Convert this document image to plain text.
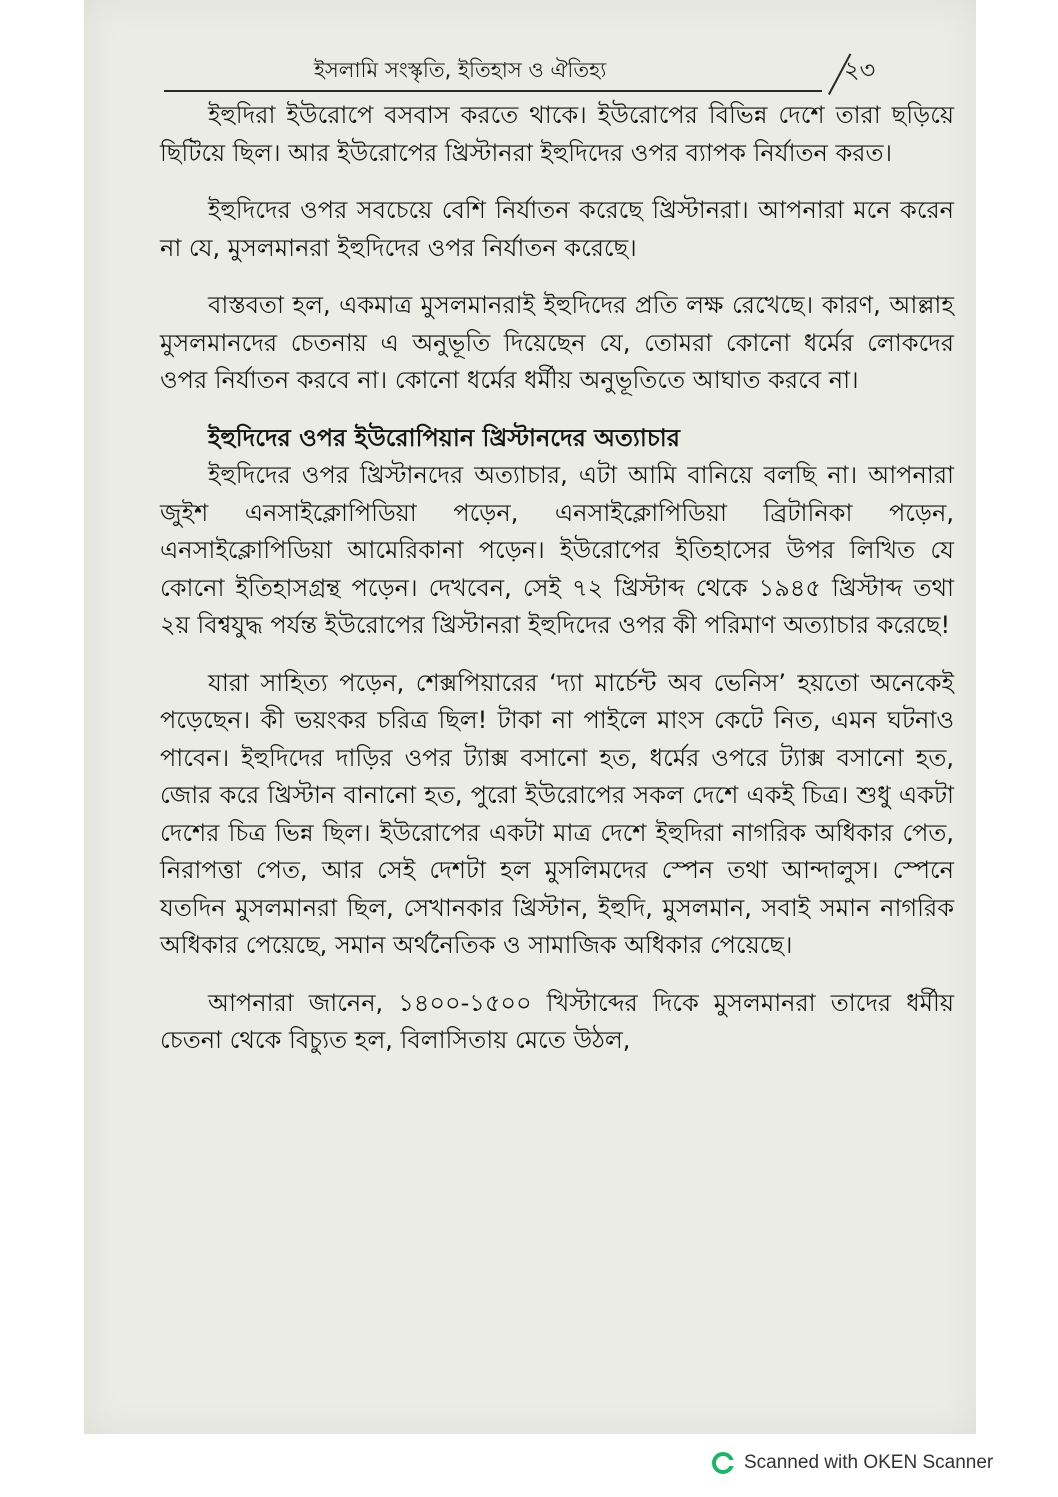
ইসলামি সংস্কৃতি, ইতিহাস ও ঐতিহ্য	২৩

ইহুদিরা ইউরোপে বসবাস করতে থাকে। ইউরোপের বিভিন্ন দেশে তারা ছড়িয়ে ছিটিয়ে ছিল। আর ইউরোপের খ্রিস্টানরা ইহুদিদের ওপর ব্যাপক নির্যাতন করত।

ইহুদিদের ওপর সবচেয়ে বেশি নির্যাতন করেছে খ্রিস্টানরা। আপনারা মনে করেন না যে, মুসলমানরা ইহুদিদের ওপর নির্যাতন করেছে।

বাস্তবতা হল, একমাত্র মুসলমানরাই ইহুদিদের প্রতি লক্ষ রেখেছে। কারণ, আল্লাহ মুসলমানদের চেতনায় এ অনুভূতি দিয়েছেন যে, তোমরা কোনো ধর্মের লোকদের ওপর নির্যাতন করবে না। কোনো ধর্মের ধর্মীয় অনুভূতিতে আঘাত করবে না।

ইহুদিদের ওপর ইউরোপিয়ান খ্রিস্টানদের অত্যাচার

ইহুদিদের ওপর খ্রিস্টানদের অত্যাচার, এটা আমি বানিয়ে বলছি না। আপনারা জুইশ এনসাইক্লোপিডিয়া পড়েন, এনসাইক্লোপিডিয়া ব্রিটানিকা পড়েন, এনসাইক্লোপিডিয়া আমেরিকানা পড়েন। ইউরোপের ইতিহাসের উপর লিখিত যে কোনো ইতিহাসগ্রন্থ পড়েন। দেখবেন, সেই ৭২ খ্রিস্টাব্দ থেকে ১৯৪৫ খ্রিস্টাব্দ তথা ২য় বিশ্বযুদ্ধ পর্যন্ত ইউরোপের খ্রিস্টানরা ইহুদিদের ওপর কী পরিমাণ অত্যাচার করেছে!

যারা সাহিত্য পড়েন, শেক্সপিয়ারের ‘দ্যা মার্চেন্ট অব ভেনিস’ হয়তো অনেকেই পড়েছেন। কী ভয়ংকর চরিত্র ছিল! টাকা না পাইলে মাংস কেটে নিত, এমন ঘটনাও পাবেন। ইহুদিদের দাড়ির ওপর ট্যাক্স বসানো হত, ধর্মের ওপরে ট্যাক্স বসানো হত, জোর করে খ্রিস্টান বানানো হত, পুরো ইউরোপের সকল দেশে একই চিত্র। শুধু একটা দেশের চিত্র ভিন্ন ছিল। ইউরোপের একটা মাত্র দেশে ইহুদিরা নাগরিক অধিকার পেত, নিরাপত্তা পেত, আর সেই দেশটা হল মুসলিমদের স্পেন তথা আন্দালুস। স্পেনে যতদিন মুসলমানরা ছিল, সেখানকার খ্রিস্টান, ইহুদি, মুসলমান, সবাই সমান নাগরিক অধিকার পেয়েছে, সমান অর্থনৈতিক ও সামাজিক অধিকার পেয়েছে।

আপনারা জানেন, ১৪০০-১৫০০ খিস্টাব্দের দিকে মুসলমানরা তাদের ধর্মীয় চেতনা থেকে বিচ্যুত হল, বিলাসিতায় মেতে উঠল,

Scanned with OKEN Scanner
